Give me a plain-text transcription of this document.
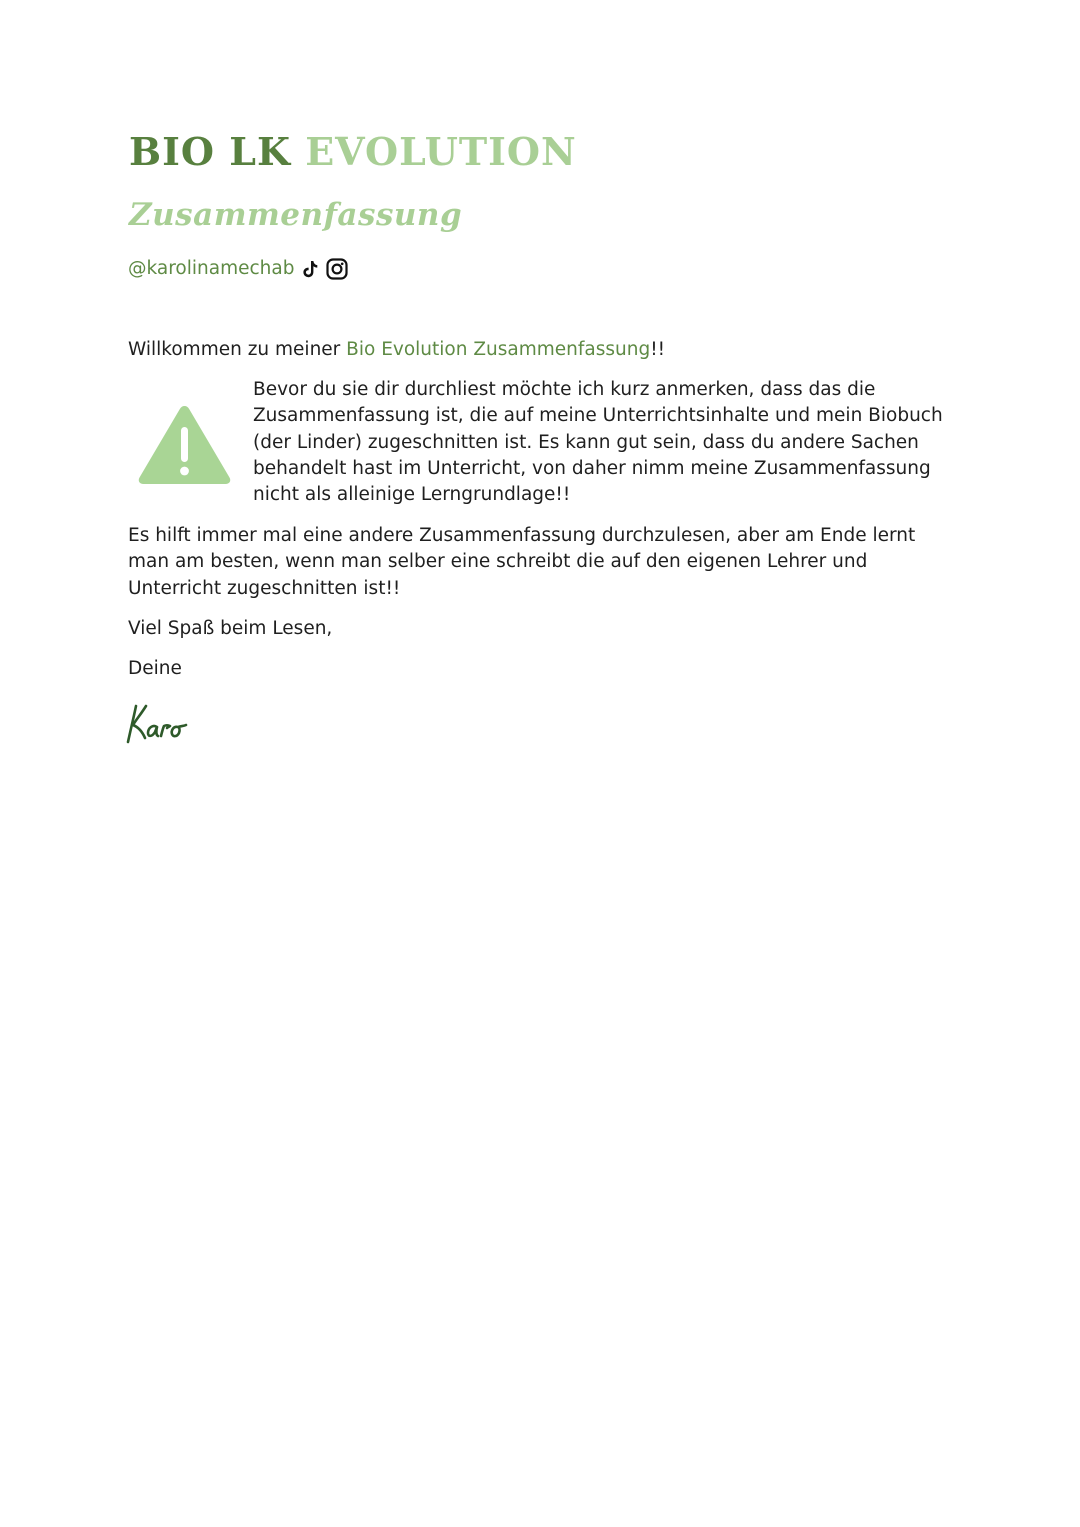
BIO LK EVOLUTION
Zusammenfassung
@karolinamechab

Willkommen zu meiner Bio Evolution Zusammenfassung!!

Bevor du sie dir durchliest möchte ich kurz anmerken, dass das die Zusammenfassung ist, die auf meine Unterrichtsinhalte und mein Biobuch (der Linder) zugeschnitten ist. Es kann gut sein, dass du andere Sachen behandelt hast im Unterricht, von daher nimm meine Zusammenfassung nicht als alleinige Lerngrundlage!!

Es hilft immer mal eine andere Zusammenfassung durchzulesen, aber am Ende lernt man am besten, wenn man selber eine schreibt die auf den eigenen Lehrer und Unterricht zugeschnitten ist!!

Viel Spaß beim Lesen,

Deine
